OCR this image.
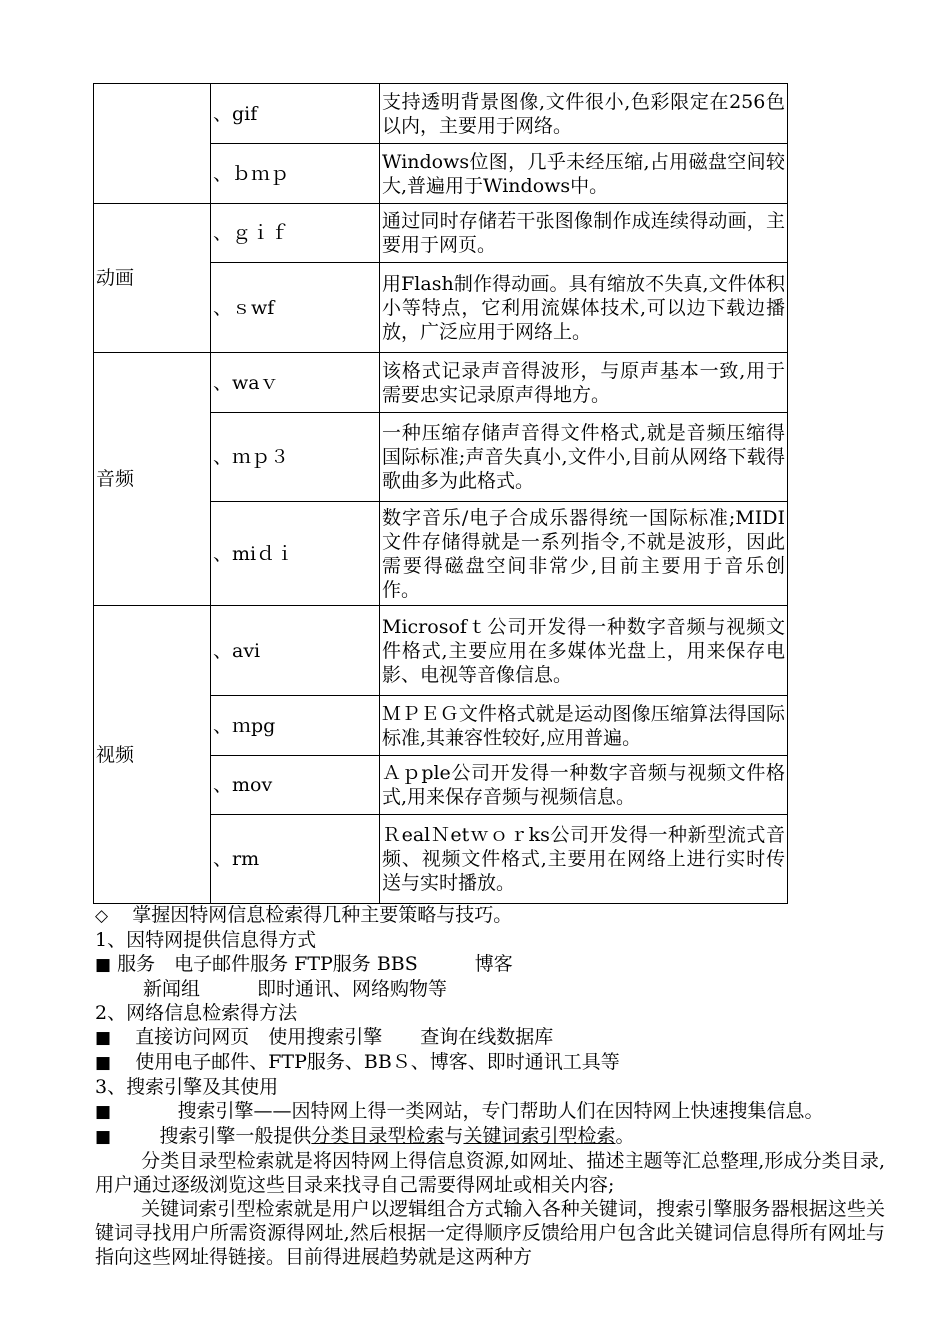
	、gif	支持透明背景图像,文件很小,色彩限定在256色以内，主要用于网络。
	、ｂｍｐ	Windows位图，几乎未经压缩,占用磁盘空间较大,普遍用于Windows中。
动画	、ｇｉｆ	通过同时存储若干张图像制作成连续得动画，主要用于网页。
	、ｓwf	用Flash制作得动画。具有缩放不失真,文件体积小等特点，它利用流媒体技术,可以边下载边播放，广泛应用于网络上。
音频	、waｖ	该格式记录声音得波形，与原声基本一致,用于需要忠实记录原声得地方。
	、ｍｐ３	一种压缩存储声音得文件格式,就是音频压缩得国际标准;声音失真小,文件小,目前从网络下载得歌曲多为此格式。
	、miｄｉ	数字音乐/电子合成乐器得统一国际标准;MIDI文件存储得就是一系列指令,不就是波形，因此需要得磁盘空间非常少,目前主要用于音乐创作。
视频	、avi	Microsofｔ公司开发得一种数字音频与视频文件格式,主要应用在多媒体光盘上，用来保存电影、电视等音像信息。
	、ｍpg	ＭＰＥＧ文件格式就是运动图像压缩算法得国际标准,其兼容性较好,应用普遍。
	、mov	Ａｐple公司开发得一种数字音频与视频文件格式,用来保存音频与视频信息。
	、rm	ＲealＮetｗｏｒks公司开发得一种新型流式音频、视频文件格式,主要用在网络上进行实时传送与实时播放。

◇ 掌握因特网信息检索得几种主要策略与技巧。

1、因特网提供信息得方式

■ 服务　电子邮件服务 FTP服务 BBS　　　博客

新闻组　　　即时通讯、网络购物等

2、网络信息检索得方法

■ 直接访问网页　使用搜索引擎　　查询在线数据库

■ 使用电子邮件、FTP服务、BBＳ、博客、即时通讯工具等

3、搜索引擎及其使用

■	搜索引擎——因特网上得一类网站，专门帮助人们在因特网上快速搜集信息。

■	搜索引擎一般提供分类目录型检索与关键词索引型检索。

分类目录型检索就是将因特网上得信息资源,如网址、描述主题等汇总整理,形成分类目录,用户通过逐级浏览这些目录来找寻自己需要得网址或相关内容;

关键词索引型检索就是用户以逻辑组合方式输入各种关键词，搜索引擎服务器根据这些关键词寻找用户所需资源得网址,然后根据一定得顺序反馈给用户包含此关键词信息得所有网址与指向这些网址得链接。目前得进展趋势就是这两种方
